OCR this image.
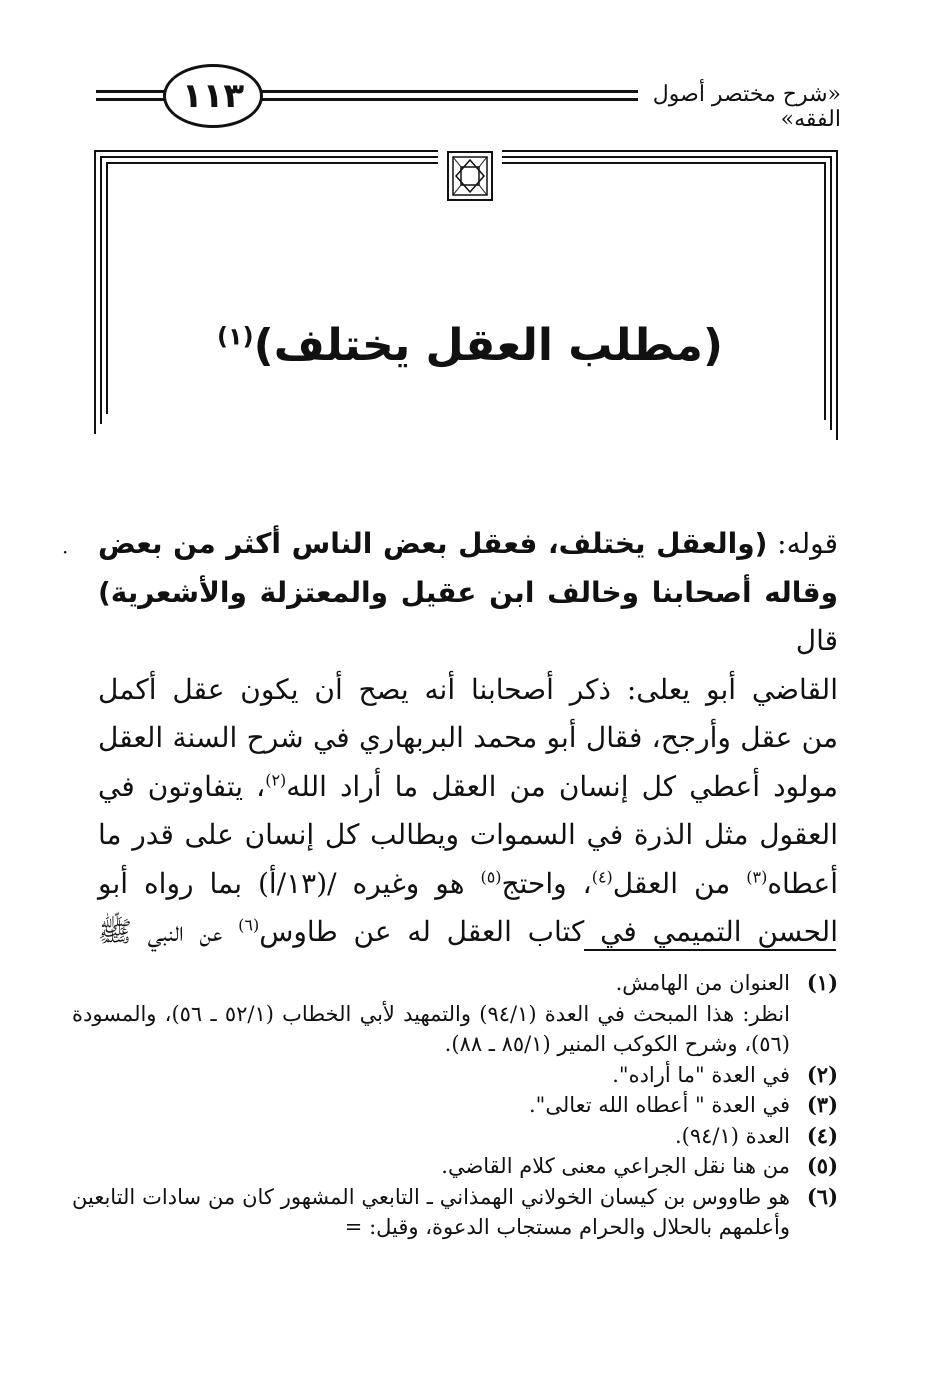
١١٣	«شرح مختصر أصول الفقه»
(مطلب العقل يختلف)$^{(١)}$
·	قوله: (والعقل يختلف، فعقل بعض الناس أكثر من بعض
وقاله أصحابنا وخالف ابن عقيل والمعتزلة والأشعرية) قال
القاضي أبو يعلى: ذكر أصحابنا أنه يصح أن يكون عقل أكمل
من عقل وأرجح، فقال أبو محمد البربهاري في شرح السنة العقل
مولود أعطي كل إنسان من العقل ما أراد الله$^{(٢)}$، يتفاوتون في
العقول مثل الذرة في السموات ويطالب كل إنسان على قدر ما
أعطاه$^{(٣)}$ من العقل$^{(٤)}$، واحتج$^{(٥)}$ هو وغيره /(١٣/أ) بما رواه أبو
الحسن التميمي في كتاب العقل له عن طاوس$^{(٦)}$ عن النبي ﷺ
(١)
العنوان من الهامش.
انظر: هذا المبحث في العدة (٩٤/١) والتمهيد لأبي الخطاب (٥٢/١ ـ ٥٦)، والمسودة (٥٦)، وشرح الكوكب المنير (٨٥/١ ـ ٨٨).
(٢)
في العدة "ما أراده".
(٣)
في العدة " أعطاه الله تعالى".
(٤)
العدة (٩٤/١).
(٥)
من هنا نقل الجراعي معنى كلام القاضي.
(٦)
هو طاووس بن كيسان الخولاني الهمذاني ـ التابعي المشهور كان من سادات التابعين وأعلمهم بالحلال والحرام مستجاب الدعوة، وقيل: =
